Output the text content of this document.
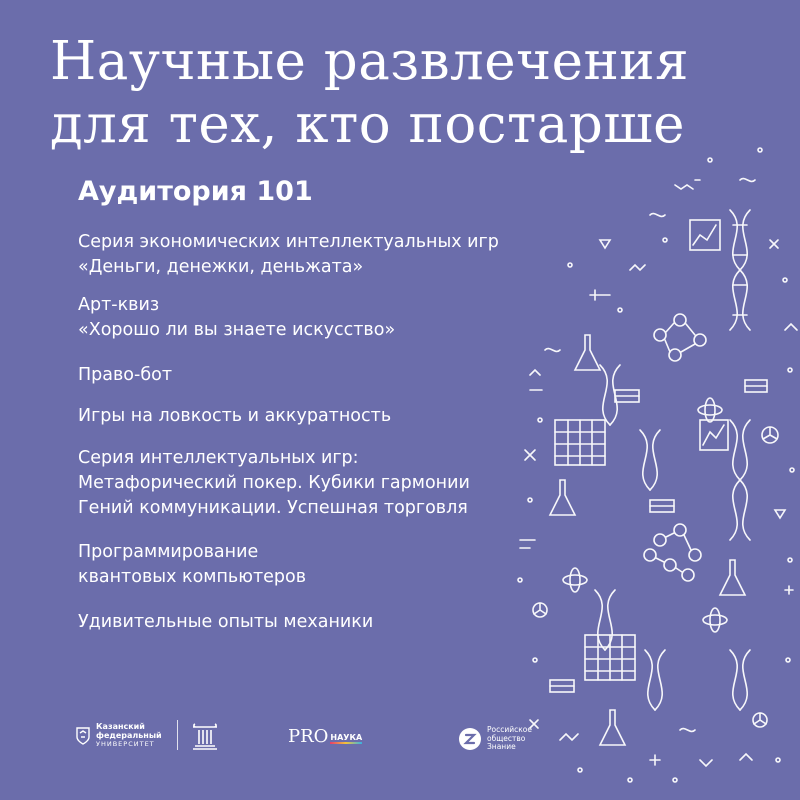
Научные развлечения
для тех, кто постарше
Аудитория 101
Серия экономических интеллектуальных игр
«Деньги, денежки, деньжата»
Арт-квиз
«Хорошо ли вы знаете искусство»
Право-бот
Игры на ловкость и аккуратность
Серия интеллектуальных игр:
Метафорический покер. Кубики гармонии
Гений коммуникации. Успешная торговля
Программирование
квантовых компьютеров
Удивительные опыты механики
Казанский
федеральный
УНИВЕРСИТЕТ	PRO НАУКА
Российское
общество
Знание
